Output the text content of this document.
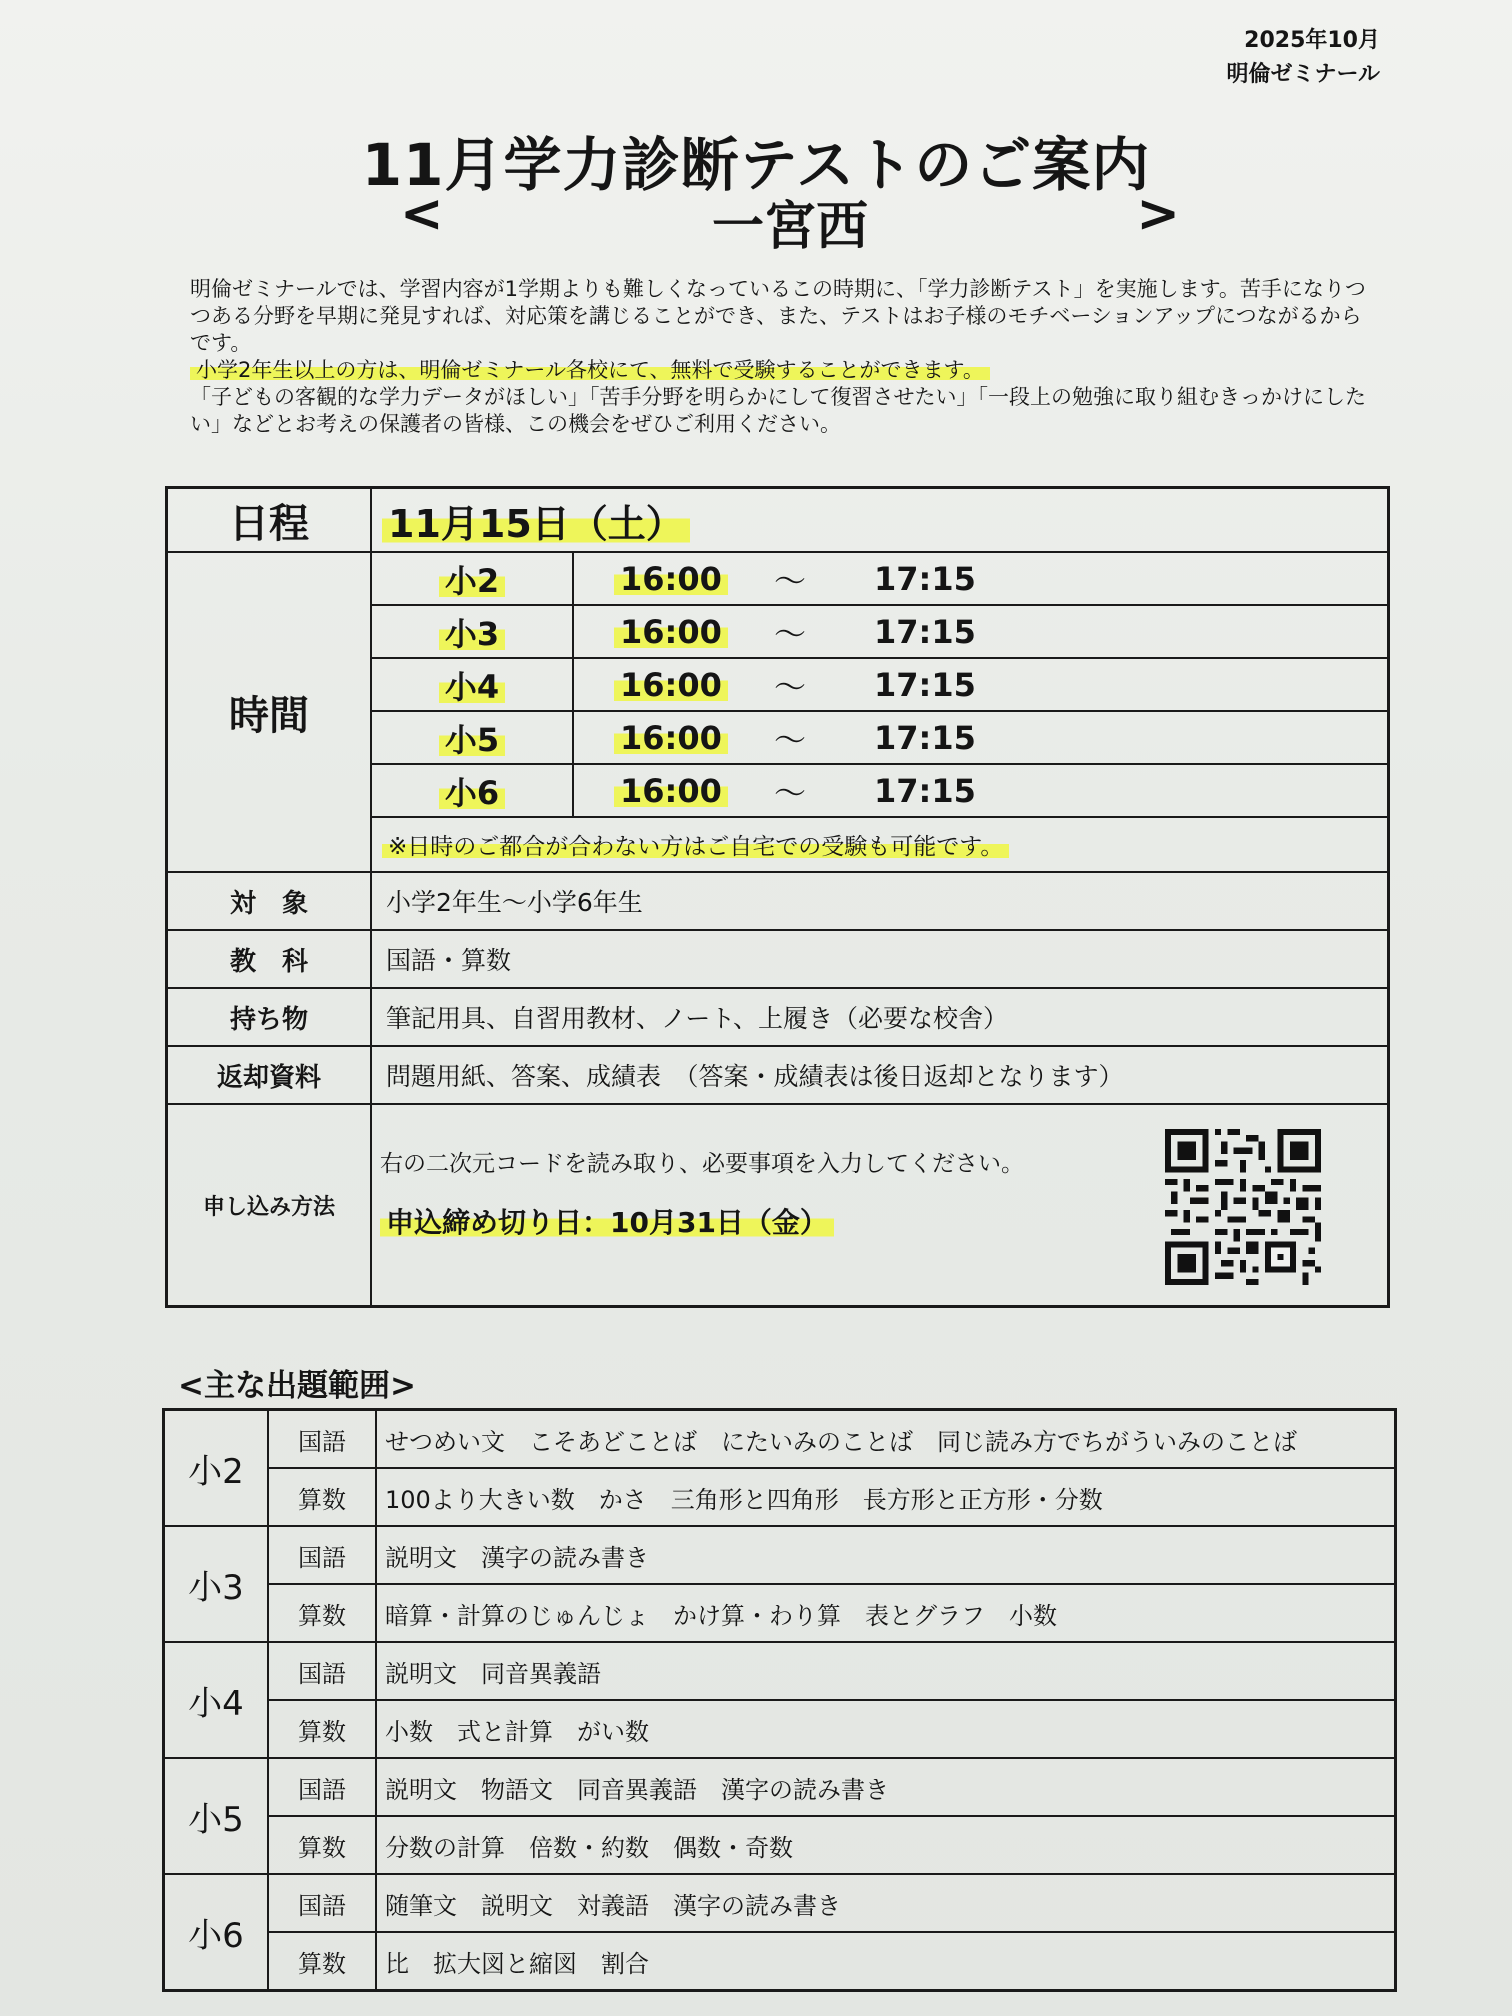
2025年10月
明倫ゼミナール
11月学力診断テストのご案内
<	一宮西	>

明倫ゼミナールでは、学習内容が1学期よりも難しくなっているこの時期に、「学力診断テスト」を実施します。苦手になりつつある分野を早期に発見すれば、対応策を講じることができ、また、テストはお子様のモチベーションアップにつながるからです。

小学2年生以上の方は、明倫ゼミナール各校にて、無料で受験することができます。

「子どもの客観的な学力データがほしい」「苦手分野を明らかにして復習させたい」「一段上の勉強に取り組むきっかけにしたい」などとお考えの保護者の皆様、この機会をぜひご利用ください。

日程	11月15日（土）
時間	
小2	16:00	～	17:15
小3	16:00	～	17:15
小4	16:00	～	17:15
小5	16:00	～	17:15
小6	16:00	～	17:15
※日時のご都合が合わない方はご自宅での受験も可能です。

対　象	小学2年生～小学6年生
教　科	国語・算数
持ち物	筆記用具、自習用教材、ノート、上履き（必要な校舎）
返却資料	問題用紙、答案、成績表　（答案・成績表は後日返却となります）
申し込み方法	
右の二次元コードを読み取り、必要事項を入力してください。
申込締め切り日：10月31日（金）
<主な出題範囲>
小2	国語	せつめい文　こそあどことば　にたいみのことば　同じ読み方でちがういみのことば
	算数	100より大きい数　かさ　三角形と四角形　長方形と正方形・分数
小3	国語	説明文　漢字の読み書き
	算数	暗算・計算のじゅんじょ　かけ算・わり算　表とグラフ　小数
小4	国語	説明文　同音異義語
	算数	小数　式と計算　がい数
小5	国語	説明文　物語文　同音異義語　漢字の読み書き
	算数	分数の計算　倍数・約数　偶数・奇数
小6	国語	随筆文　説明文　対義語　漢字の読み書き
	算数	比　拡大図と縮図　割合
